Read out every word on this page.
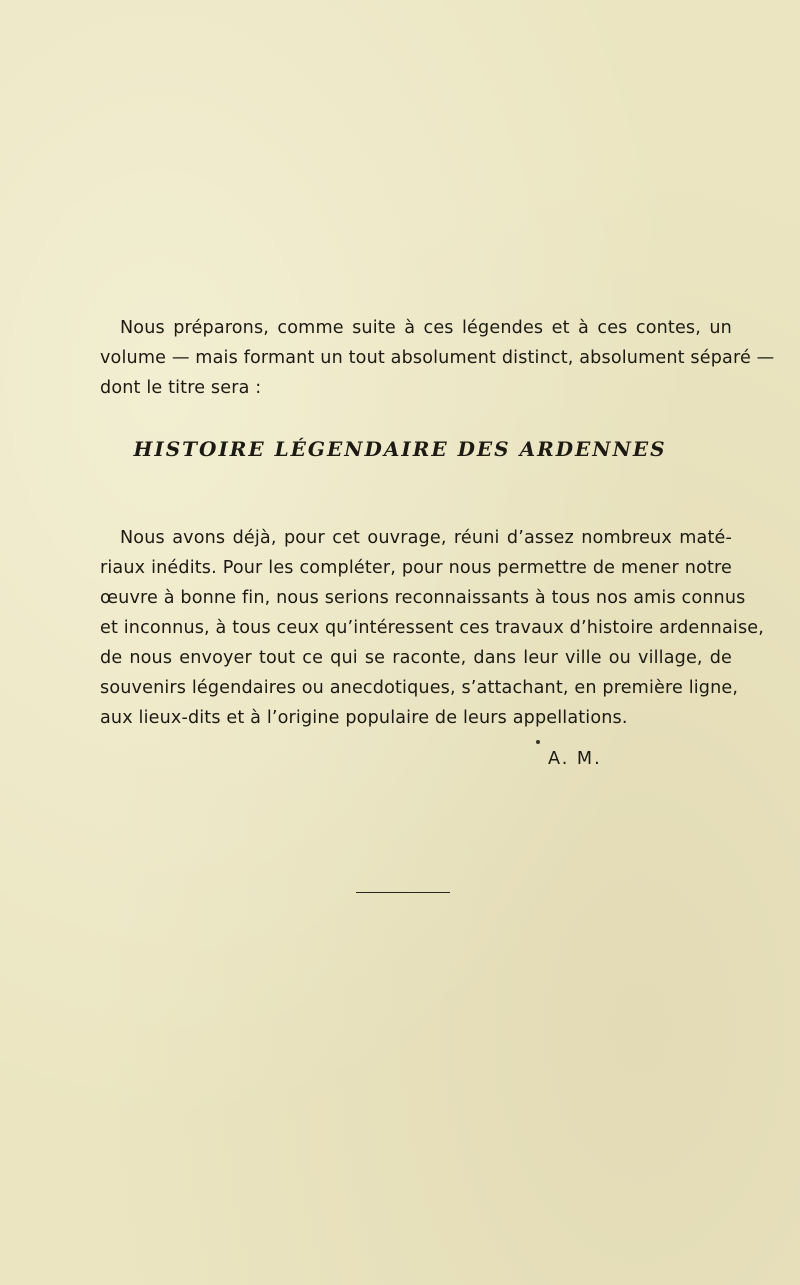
Nous préparons, comme suite à ces légendes et à ces contes, un
volume — mais formant un tout absolument distinct, absolument séparé —
dont le titre sera :

HISTOIRE LÉGENDAIRE DES ARDENNES

Nous avons déjà, pour cet ouvrage, réuni d’assez nombreux maté-
riaux inédits. Pour les compléter, pour nous permettre de mener notre
œuvre à bonne fin, nous serions reconnaissants à tous nos amis connus
et inconnus, à tous ceux qu’intéressent ces travaux d’histoire ardennaise,
de nous envoyer tout ce qui se raconte, dans leur ville ou village, de
souvenirs légendaires ou anecdotiques, s’attachant, en première ligne,
aux lieux-dits et à l’origine populaire de leurs appellations.

A. M.
